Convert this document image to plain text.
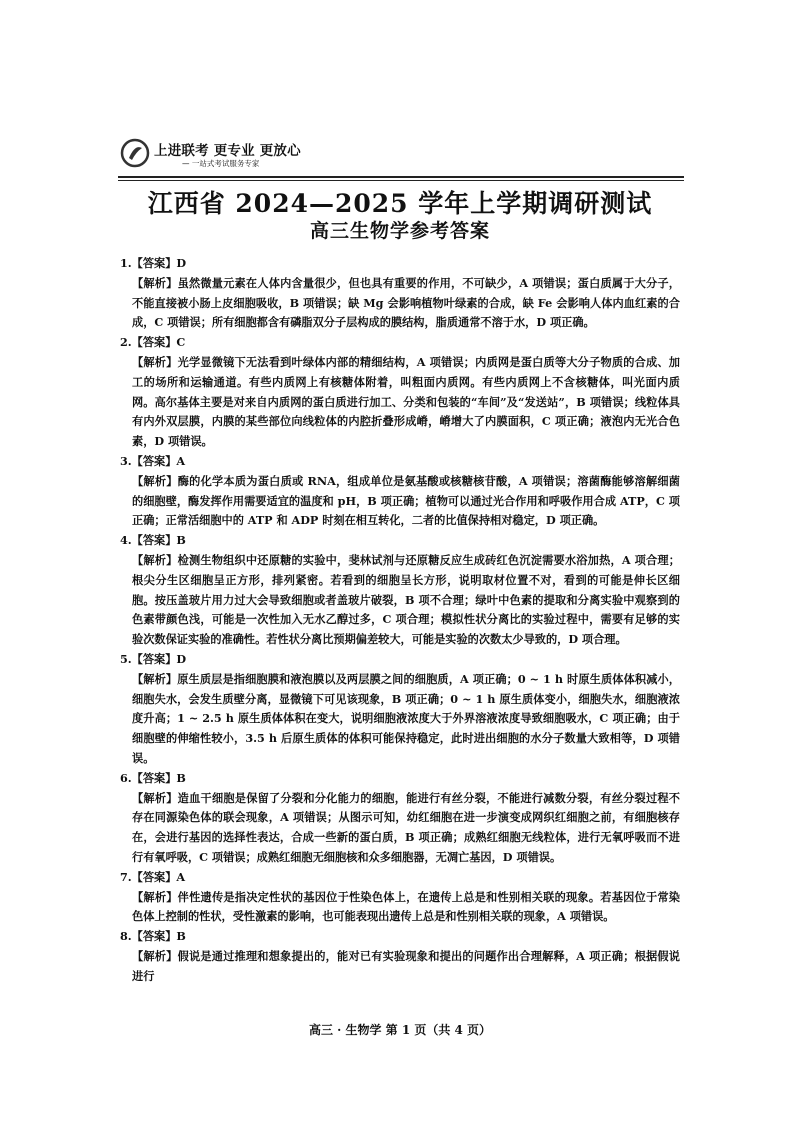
上进联考 更专业 更放心
— 一站式考试服务专家
江西省 2024—2025 学年上学期调研测试
高三生物学参考答案

1.【答案】D

【解析】虽然微量元素在人体内含量很少，但也具有重要的作用，不可缺少，A 项错误；蛋白质属于大分子，不能直接被小肠上皮细胞吸收，B 项错误；缺 Mg 会影响植物叶绿素的合成，缺 Fe 会影响人体内血红素的合成，C 项错误；所有细胞都含有磷脂双分子层构成的膜结构，脂质通常不溶于水，D 项正确。

2.【答案】C

【解析】光学显微镜下无法看到叶绿体内部的精细结构，A 项错误；内质网是蛋白质等大分子物质的合成、加工的场所和运输通道。有些内质网上有核糖体附着，叫粗面内质网。有些内质网上不含核糖体，叫光面内质网。高尔基体主要是对来自内质网的蛋白质进行加工、分类和包装的“车间”及“发送站”，B 项错误；线粒体具有内外双层膜，内膜的某些部位向线粒体的内腔折叠形成嵴，嵴增大了内膜面积，C 项正确；液泡内无光合色素，D 项错误。

3.【答案】A

【解析】酶的化学本质为蛋白质或 RNA，组成单位是氨基酸或核糖核苷酸，A 项错误；溶菌酶能够溶解细菌的细胞壁，酶发挥作用需要适宜的温度和 pH，B 项正确；植物可以通过光合作用和呼吸作用合成 ATP，C 项正确；正常活细胞中的 ATP 和 ADP 时刻在相互转化，二者的比值保持相对稳定，D 项正确。

4.【答案】B

【解析】检测生物组织中还原糖的实验中，斐林试剂与还原糖反应生成砖红色沉淀需要水浴加热，A 项合理；根尖分生区细胞呈正方形，排列紧密。若看到的细胞呈长方形，说明取材位置不对，看到的可能是伸长区细胞。按压盖玻片用力过大会导致细胞或者盖玻片破裂，B 项不合理；绿叶中色素的提取和分离实验中观察到的色素带颜色浅，可能是一次性加入无水乙醇过多，C 项合理；模拟性状分离比的实验过程中，需要有足够的实验次数保证实验的准确性。若性状分离比预期偏差较大，可能是实验的次数太少导致的，D 项合理。

5.【答案】D

【解析】原生质层是指细胞膜和液泡膜以及两层膜之间的细胞质，A 项正确；0 ~ 1 h 时原生质体体积减小，细胞失水，会发生质壁分离，显微镜下可见该现象，B 项正确；0 ~ 1 h 原生质体变小，细胞失水，细胞液浓度升高；1 ~ 2.5 h 原生质体体积在变大，说明细胞液浓度大于外界溶液浓度导致细胞吸水，C 项正确；由于细胞壁的伸缩性较小，3.5 h 后原生质体的体积可能保持稳定，此时进出细胞的水分子数量大致相等，D 项错误。

6.【答案】B

【解析】造血干细胞是保留了分裂和分化能力的细胞，能进行有丝分裂，不能进行减数分裂，有丝分裂过程不存在同源染色体的联会现象，A 项错误；从图示可知，幼红细胞在进一步演变成网织红细胞之前，有细胞核存在，会进行基因的选择性表达，合成一些新的蛋白质，B 项正确；成熟红细胞无线粒体，进行无氧呼吸而不进行有氧呼吸，C 项错误；成熟红细胞无细胞核和众多细胞器，无凋亡基因，D 项错误。

7.【答案】A

【解析】伴性遗传是指决定性状的基因位于性染色体上，在遗传上总是和性别相关联的现象。若基因位于常染色体上控制的性状，受性激素的影响，也可能表现出遗传上总是和性别相关联的现象，A 项错误。

8.【答案】B

【解析】假说是通过推理和想象提出的，能对已有实验现象和提出的问题作出合理解释，A 项正确；根据假说进行

高三 · 生物学 第 1 页（共 4 页）
